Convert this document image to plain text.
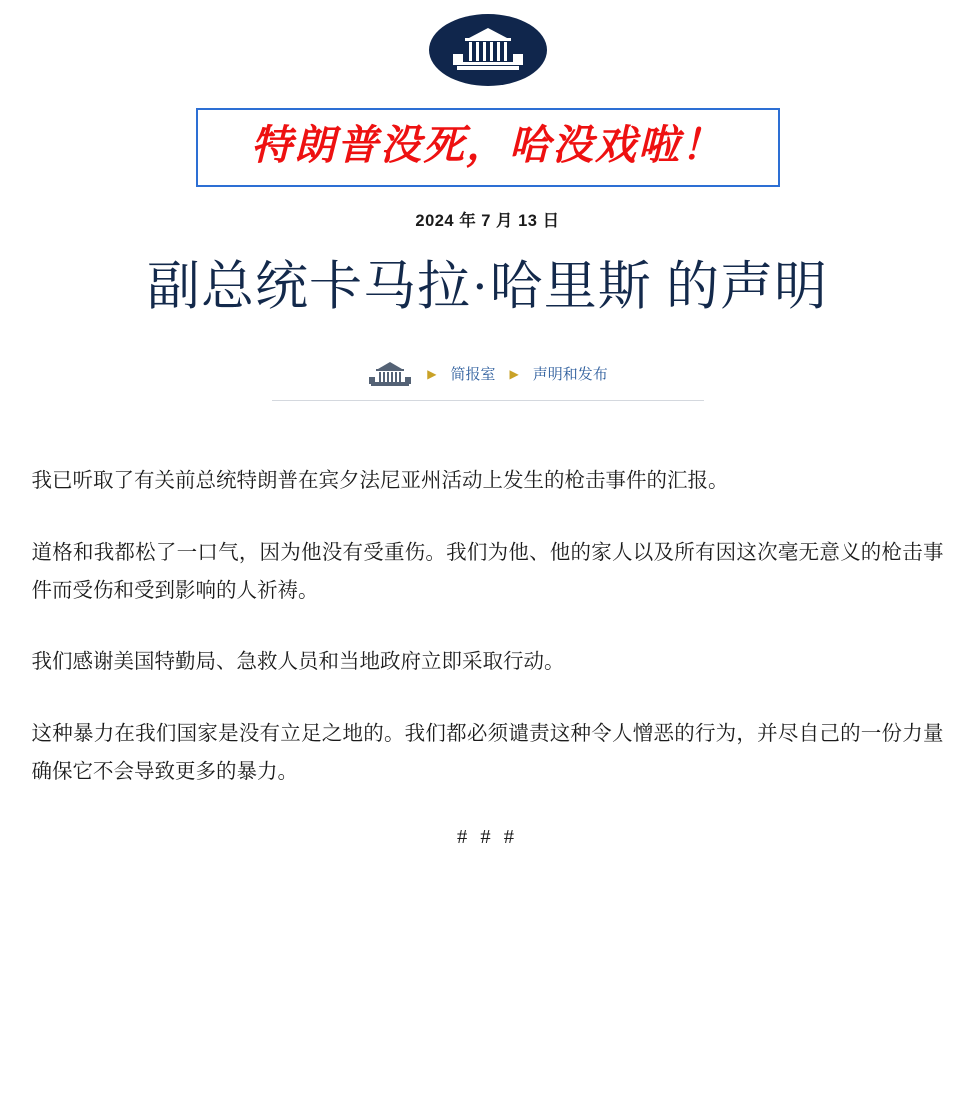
特朗普没死，哈没戏啦！
2024 年 7 月 13 日
副总统卡马拉·哈里斯 的声明
▶ 简报室 ▶ 声明和发布

我已听取了有关前总统特朗普在宾夕法尼亚州活动上发生的枪击事件的汇报。

道格和我都松了一口气，因为他没有受重伤。我们为他、他的家人以及所有因这次毫无意义的枪击事件而受伤和受到影响的人祈祷。

我们感谢美国特勤局、急救人员和当地政府立即采取行动。

这种暴力在我们国家是没有立足之地的。我们都必须谴责这种令人憎恶的行为，并尽自己的一份力量确保它不会导致更多的暴力。

# # #
